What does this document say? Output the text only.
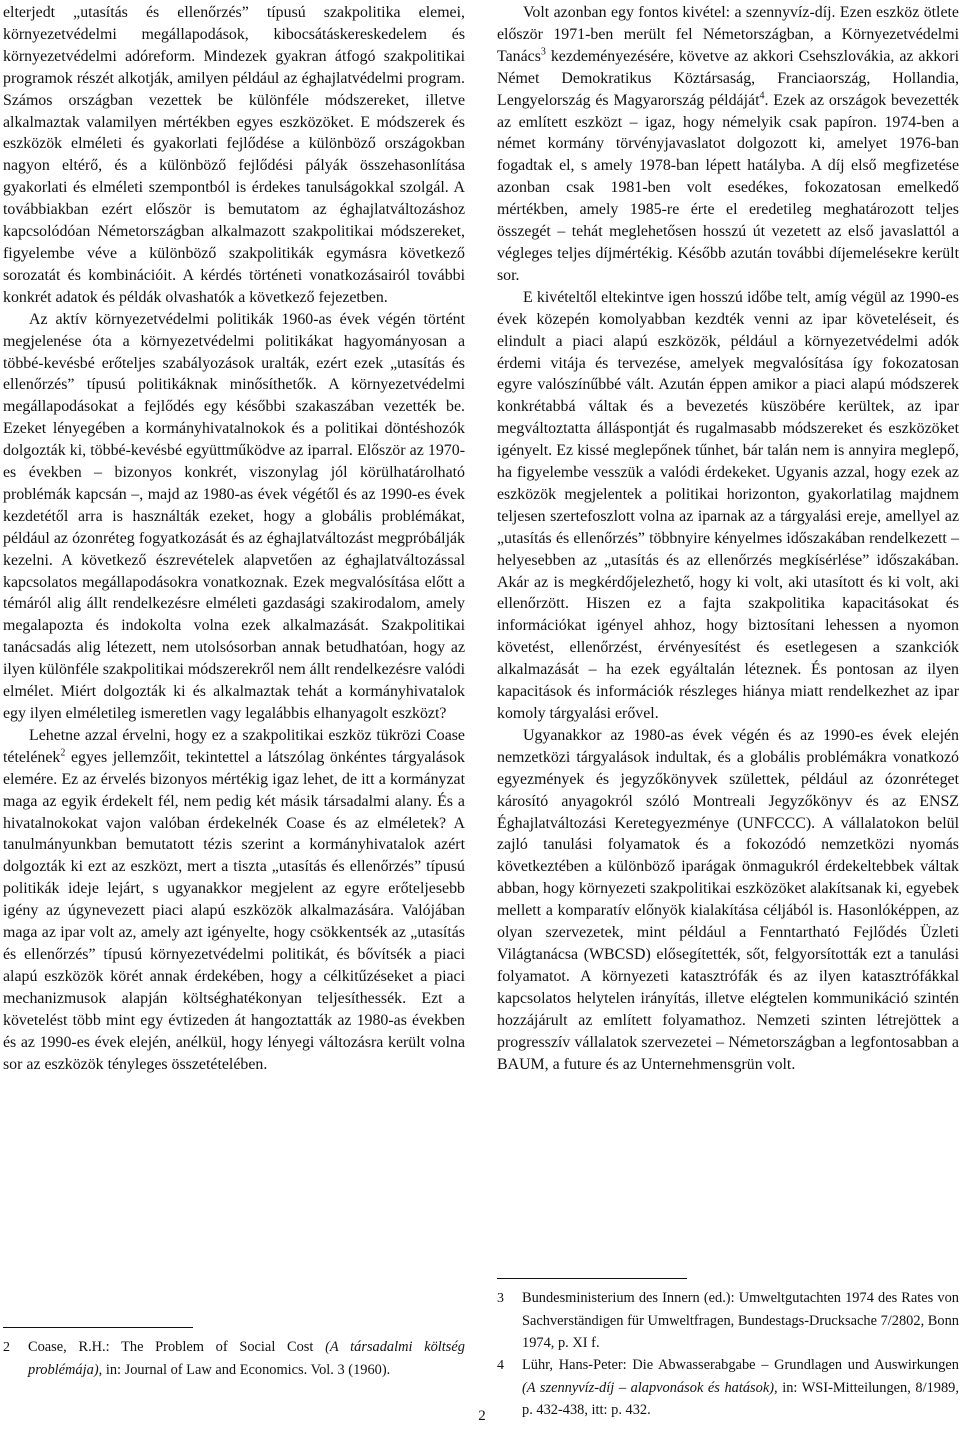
elterjedt „utasítás és ellenőrzés” típusú szakpolitika elemei, környezetvédelmi megállapodások, kibocsátáskereskedelem és környezetvédelmi adóreform. Mindezek gyakran átfogó szakpolitikai programok részét alkotják, amilyen például az éghajlatvédelmi program. Számos országban vezettek be különféle módszereket, illetve alkalmaztak valamilyen mértékben egyes eszközöket. E módszerek és eszközök elméleti és gyakorlati fejlődése a különböző országokban nagyon eltérő, és a különböző fejlődési pályák összehasonlítása gyakorlati és elméleti szempontból is érdekes tanulságokkal szolgál. A továbbiakban ezért először is bemutatom az éghajlatváltozáshoz kapcsolódóan Németországban alkalmazott szakpolitikai módszereket, figyelembe véve a különböző szakpolitikák egymásra következő sorozatát és kombinációit. A kérdés történeti vonatkozásairól további konkrét adatok és példák olvashatók a következő fejezetben.

Az aktív környezetvédelmi politikák 1960-as évek végén történt megjelenése óta a környezetvédelmi politikákat hagyományosan a többé-kevésbé erőteljes szabályozások uralták, ezért ezek „utasítás és ellenőrzés” típusú politikáknak minősíthetők. A környezetvédelmi megállapodásokat a fejlődés egy későbbi szakaszában vezették be. Ezeket lényegében a kormányhivatalnokok és a politikai döntéshozók dolgozták ki, többé-kevésbé együttműködve az iparral. Először az 1970-es években – bizonyos konkrét, viszonylag jól körülhatárolható problémák kapcsán –, majd az 1980-as évek végétől és az 1990-es évek kezdetétől arra is használták ezeket, hogy a globális problémákat, például az ózonréteg fogyatkozását és az éghajlatváltozást megpróbálják kezelni. A következő észrevételek alapvetően az éghajlatváltozással kapcsolatos megállapodásokra vonatkoznak. Ezek megvalósítása előtt a témáról alig állt rendelkezésre elméleti gazdasági szakirodalom, amely megalapozta és indokolta volna ezek alkalmazását. Szakpolitikai tanácsadás alig létezett, nem utolsósorban annak betudhatóan, hogy az ilyen különféle szakpolitikai módszerekről nem állt rendelkezésre valódi elmélet. Miért dolgozták ki és alkalmaztak tehát a kormányhivatalok egy ilyen elméletileg ismeretlen vagy legalábbis elhanyagolt eszközt?

Lehetne azzal érvelni, hogy ez a szakpolitikai eszköz tükrözi Coase tételének$^2$ egyes jellemzőit, tekintettel a látszólag önkéntes tárgyalások elemére. Ez az érvelés bizonyos mértékig igaz lehet, de itt a kormányzat maga az egyik érdekelt fél, nem pedig két másik társadalmi alany. És a hivatalnokokat vajon valóban érdekelnék Coase és az elméletek? A tanulmányunkban bemutatott tézis szerint a kormányhivatalok azért dolgozták ki ezt az eszközt, mert a tiszta „utasítás és ellenőrzés” típusú politikák ideje lejárt, s ugyanakkor megjelent az egyre erőteljesebb igény az úgynevezett piaci alapú eszközök alkalmazására. Valójában maga az ipar volt az, amely azt igényelte, hogy csökkentsék az „utasítás és ellenőrzés” típusú környezetvédelmi politikát, és bővítsék a piaci alapú eszközök körét annak érdekében, hogy a célkitűzéseket a piaci mechanizmusok alapján költséghatékonyan teljesíthessék. Ezt a követelést több mint egy évtizeden át hangoztatták az 1980-as években és az 1990-es évek elején, anélkül, hogy lényegi változásra került volna sor az eszközök tényleges összetételében.

Volt azonban egy fontos kivétel: a szennyvíz-díj. Ezen eszköz ötlete először 1971-ben merült fel Németországban, a Környezetvédelmi Tanács$^3$ kezdeményezésére, követve az akkori Csehszlovákia, az akkori Német Demokratikus Köztársaság, Franciaország, Hollandia, Lengyelország és Magyarország példáját$^4$. Ezek az országok bevezették az említett eszközt – igaz, hogy némelyik csak papíron. 1974-ben a német kormány törvényjavaslatot dolgozott ki, amelyet 1976-ban fogadtak el, s amely 1978-ban lépett hatályba. A díj első megfizetése azonban csak 1981-ben volt esedékes, fokozatosan emelkedő mértékben, amely 1985-re érte el eredetileg meghatározott teljes összegét – tehát meglehetősen hosszú út vezetett az első javaslattól a végleges teljes díjmértékig. Később azután további díjemelésekre került sor.

E kivételtől eltekintve igen hosszú időbe telt, amíg végül az 1990-es évek közepén komolyabban kezdték venni az ipar követeléseit, és elindult a piaci alapú eszközök, például a környezetvédelmi adók érdemi vitája és tervezése, amelyek megvalósítása így fokozatosan egyre valószínűbbé vált. Azután éppen amikor a piaci alapú módszerek konkrétabbá váltak és a bevezetés küszöbére kerültek, az ipar megváltoztatta álláspontját és rugalmasabb módszereket és eszközöket igényelt. Ez kissé meglepőnek tűnhet, bár talán nem is annyira meglepő, ha figyelembe vesszük a valódi érdekeket. Ugyanis azzal, hogy ezek az eszközök megjelentek a politikai horizonton, gyakorlatilag majdnem teljesen szertefoszlott volna az iparnak az a tárgyalási ereje, amellyel az „utasítás és ellenőrzés” többnyire kényelmes időszakában rendelkezett – helyesebben az „utasítás és az ellenőrzés megkísérlése” időszakában. Akár az is megkérdőjelezhető, hogy ki volt, aki utasított és ki volt, aki ellenőrzött. Hiszen ez a fajta szakpolitika kapacitásokat és információkat igényel ahhoz, hogy biztosítani lehessen a nyomon követést, ellenőrzést, érvényesítést és esetlegesen a szankciók alkalmazását – ha ezek egyáltalán léteznek. És pontosan az ilyen kapacitások és információk részleges hiánya miatt rendelkezhet az ipar komoly tárgyalási erővel.

Ugyanakkor az 1980-as évek végén és az 1990-es évek elején nemzetközi tárgyalások indultak, és a globális problémákra vonatkozó egyezmények és jegyzőkönyvek születtek, például az ózonréteget károsító anyagokról szóló Montreali Jegyzőkönyv és az ENSZ Éghajlatváltozási Keretegyezménye (UNFCCC). A vállalatokon belül zajló tanulási folyamatok és a fokozódó nemzetközi nyomás következtében a különböző iparágak önmagukról érdekeltebbek váltak abban, hogy környezeti szakpolitikai eszközöket alakítsanak ki, egyebek mellett a komparatív előnyök kialakítása céljából is. Hasonlóképpen, az olyan szervezetek, mint például a Fenntartható Fejlődés Üzleti Világtanácsa (WBCSD) elősegítették, sőt, felgyorsították ezt a tanulási folyamatot. A környezeti katasztrófák és az ilyen katasztrófákkal kapcsolatos helytelen irányítás, illetve elégtelen kommunikáció szintén hozzájárult az említett folyamathoz. Nemzeti szinten létrejöttek a progresszív vállalatok szervezetei – Németországban a legfontosabban a BAUM, a future és az Unternehmensgrün volt.

2 Coase, R.H.: The Problem of Social Cost (A társadalmi költség problémája), in: Journal of Law and Economics. Vol. 3 (1960).

3 Bundesministerium des Innern (ed.): Umweltgutachten 1974 des Rates von Sachverständigen für Umweltfragen, Bundestags-Drucksache 7/2802, Bonn 1974, p. XI f.

4 Lühr, Hans-Peter: Die Abwasserabgabe – Grundlagen und Auswirkungen (A szennyvíz-díj – alapvonások és hatások), in: WSI-Mitteilungen, 8/1989, p. 432-438, itt: p. 432.

2
